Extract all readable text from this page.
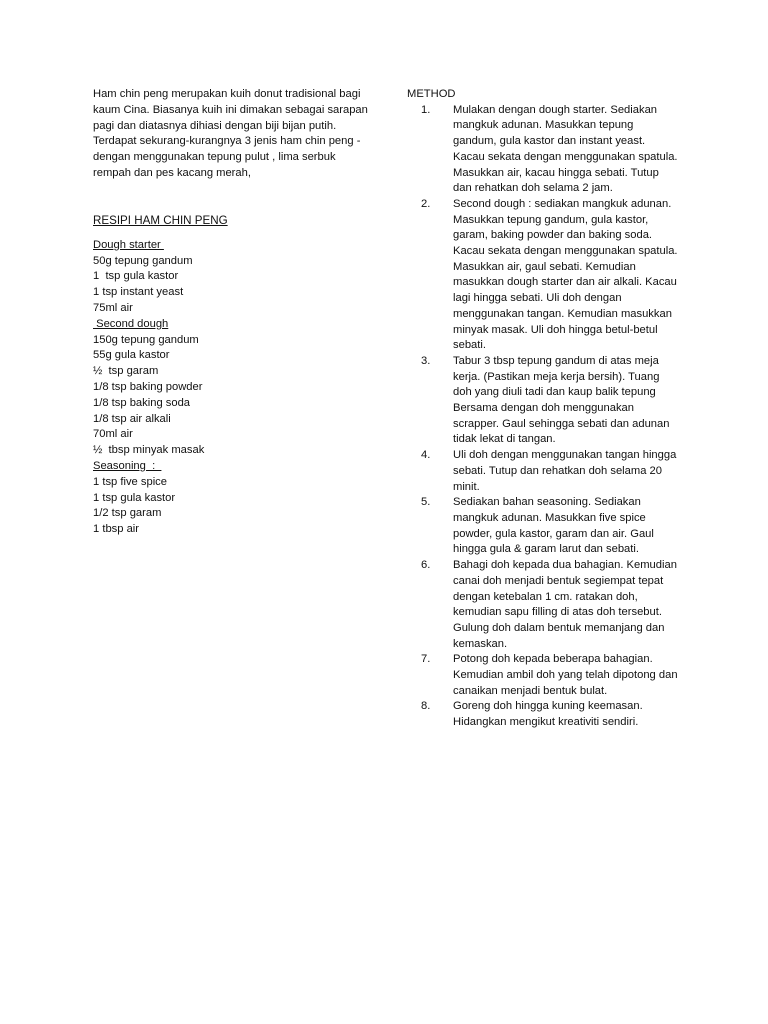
Ham chin peng merupakan kuih donut tradisional bagi kaum Cina. Biasanya kuih ini dimakan sebagai sarapan pagi dan diatasnya dihiasi dengan biji bijan putih. Terdapat sekurang-kurangnya 3 jenis ham chin peng - dengan menggunakan tepung pulut , lima serbuk rempah dan pes kacang merah,

RESIPI HAM CHIN PENG
Dough starter
50g tepung gandum
1  tsp gula kastor
1 tsp instant yeast
75ml air
Second dough
150g tepung gandum
55g gula kastor
½  tsp garam
1/8 tsp baking powder
1/8 tsp baking soda
1/8 tsp air alkali
70ml air
½  tbsp minyak masak
Seasoning  :
1 tsp five spice
1 tsp gula kastor
1/2 tsp garam
1 tbsp air

METHOD

1.	Mulakan dengan dough starter. Sediakan mangkuk adunan. Masukkan tepung gandum, gula kastor dan instant yeast. Kacau sekata dengan menggunakan spatula. Masukkan air, kacau hingga sebati. Tutup dan rehatkan doh selama 2 jam.
2.	Second dough : sediakan mangkuk adunan. Masukkan tepung gandum, gula kastor, garam, baking powder dan baking soda. Kacau sekata dengan menggunakan spatula. Masukkan air, gaul sebati. Kemudian masukkan dough starter dan air alkali. Kacau lagi hingga sebati. Uli doh dengan menggunakan tangan. Kemudian masukkan minyak masak. Uli doh hingga betul-betul sebati.
3.	Tabur 3 tbsp tepung gandum di atas meja kerja. (Pastikan meja kerja bersih). Tuang doh yang diuli tadi dan kaup balik tepung Bersama dengan doh menggunakan scrapper. Gaul sehingga sebati dan adunan tidak lekat di tangan.
4.	Uli doh dengan menggunakan tangan hingga sebati. Tutup dan rehatkan doh selama 20 minit.
5.	Sediakan bahan seasoning. Sediakan mangkuk adunan. Masukkan five spice powder, gula kastor, garam dan air. Gaul hingga gula & garam larut dan sebati.
6.	Bahagi doh kepada dua bahagian. Kemudian canai doh menjadi bentuk segiempat tepat dengan ketebalan 1 cm. ratakan doh, kemudian sapu filling di atas doh tersebut. Gulung doh dalam bentuk memanjang dan kemaskan.
7.	Potong doh kepada beberapa bahagian. Kemudian ambil doh yang telah dipotong dan canaikan menjadi bentuk bulat.
8.	Goreng doh hingga kuning keemasan. Hidangkan mengikut kreativiti sendiri.
